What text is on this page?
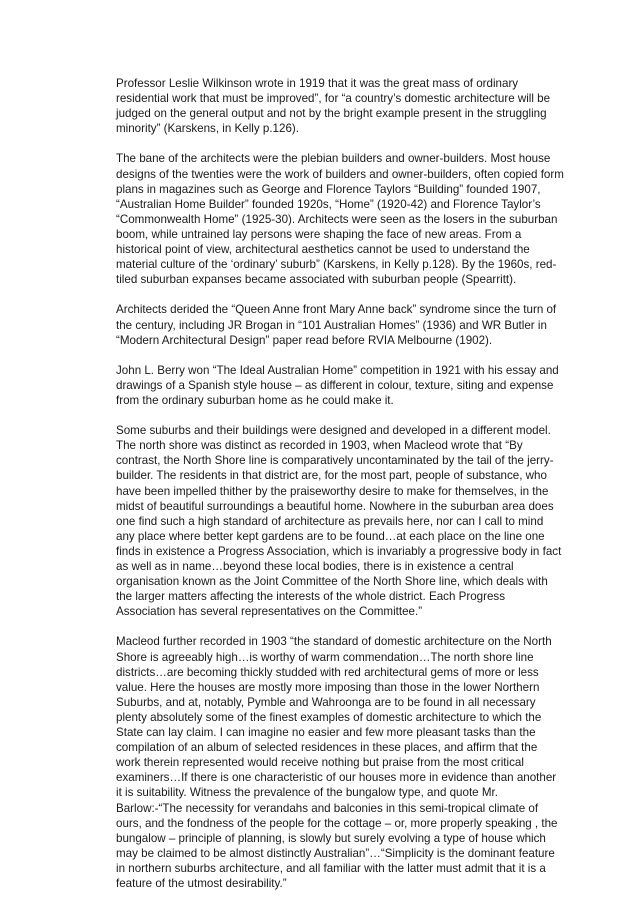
Professor Leslie Wilkinson wrote in 1919 that it was the great mass of ordinary residential work that must be improved”, for “a country’s domestic architecture will be judged on the general output and not by the bright example present in the struggling minority” (Karskens, in Kelly p.126).

The bane of the architects were the plebian builders and owner-builders. Most house designs of the twenties were the work of builders and owner-builders, often copied form plans in magazines such as George and Florence Taylors “Building” founded 1907, “Australian Home Builder” founded 1920s, “Home” (1920-42) and Florence Taylor’s “Commonwealth Home” (1925-30). Architects were seen as the losers in the suburban boom, while untrained lay persons were shaping the face of new areas. From a historical point of view, architectural aesthetics cannot be used to understand the material culture of the ‘ordinary’ suburb” (Karskens, in Kelly p.128). By the 1960s, red-tiled suburban expanses became associated with suburban people (Spearritt).

Architects derided the “Queen Anne front Mary Anne back” syndrome since the turn of the century, including JR Brogan in “101 Australian Homes” (1936) and WR Butler in “Modern Architectural Design” paper read before RVIA Melbourne (1902).

John L. Berry won “The Ideal Australian Home” competition in 1921 with his essay and drawings of a Spanish style house – as different in colour, texture, siting and expense from the ordinary suburban home as he could make it.

Some suburbs and their buildings were designed and developed in a different model. The north shore was distinct as recorded in 1903, when Macleod wrote that “By contrast, the North Shore line is comparatively uncontaminated by the tail of the jerry-builder. The residents in that district are, for the most part, people of substance, who have been impelled thither by the praiseworthy desire to make for themselves, in the midst of beautiful surroundings a beautiful home. Nowhere in the suburban area does one find such a high standard of architecture as prevails here, nor can I call to mind any place where better kept gardens are to be found…at each place on the line one finds in existence a Progress Association, which is invariably a progressive body in fact as well as in name…beyond these local bodies, there is in existence a central organisation known as the Joint Committee of the North Shore line, which deals with the larger matters affecting the interests of the whole district. Each Progress Association has several representatives on the Committee.”

Macleod further recorded in 1903 “the standard of domestic architecture on the North Shore is agreeably high…is worthy of warm commendation…The north shore line districts…are becoming thickly studded with red architectural gems of more or less value. Here the houses are mostly more imposing than those in the lower Northern Suburbs, and at, notably, Pymble and Wahroonga are to be found in all necessary plenty absolutely some of the finest examples of domestic architecture to which the State can lay claim. I can imagine no easier and few more pleasant tasks than the compilation of an album of selected residences in these places, and affirm that the work therein represented would receive nothing but praise from the most critical examiners…If there is one characteristic of our houses more in evidence than another it is suitability. Witness the prevalence of the bungalow type, and quote Mr. Barlow:-“The necessity for verandahs and balconies in this semi-tropical climate of ours, and the fondness of the people for the cottage – or, more properly speaking , the bungalow – principle of planning, is slowly but surely evolving a type of house which may be claimed to be almost distinctly Australian”…“Simplicity is the dominant feature in northern suburbs architecture, and all familiar with the latter must admit that it is a feature of the utmost desirability.”
